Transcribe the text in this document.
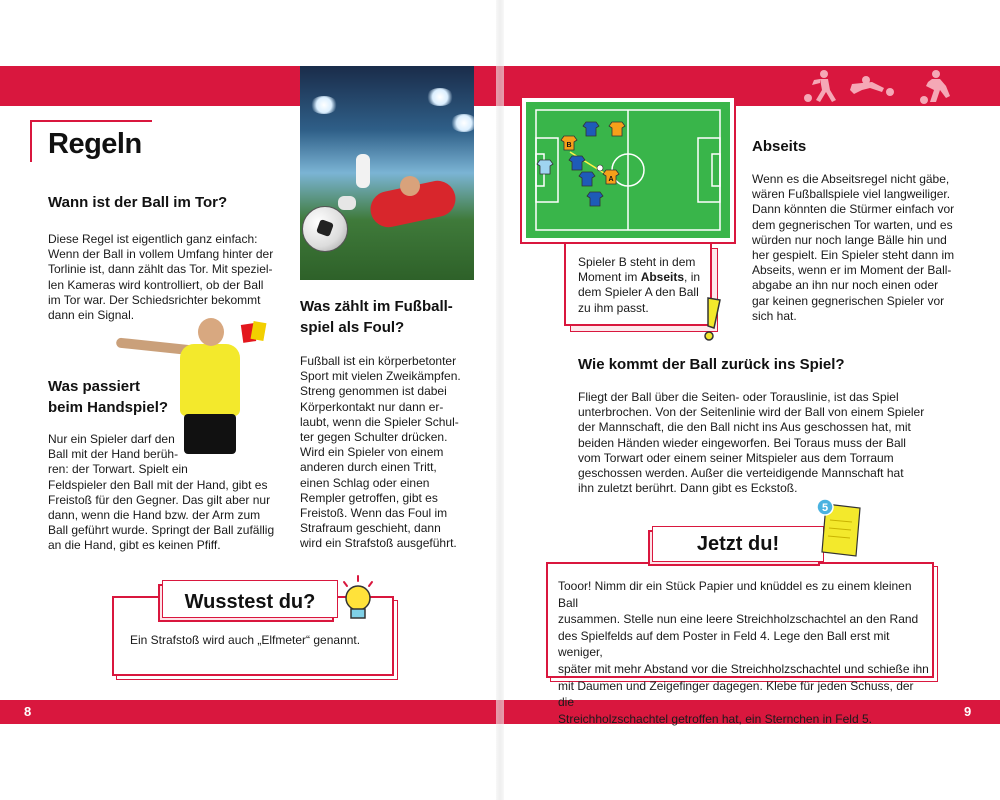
8	9
Regeln
Wann ist der Ball im Tor?
Diese Regel ist eigentlich ganz einfach:
Wenn der Ball in vollem Umfang hinter der
Torlinie ist, dann zählt das Tor. Mit speziel-
len Kameras wird kontrolliert, ob der Ball
im Tor war. Der Schiedsrichter bekommt
dann ein Signal.
Was passiert
beim Handspiel?
Nur ein Spieler darf den
Ball mit der Hand berüh-
ren: der Torwart. Spielt ein
Feldspieler den Ball mit der Hand, gibt es
Freistoß für den Gegner. Das gilt aber nur
dann, wenn die Hand bzw. der Arm zum
Ball geführt wurde. Springt der Ball zufällig
an die Hand, gibt es keinen Pfiff.
Was zählt im Fußball-
spiel als Foul?
Fußball ist ein körperbetonter
Sport mit vielen Zweikämpfen.
Streng genommen ist dabei
Körperkontakt nur dann er-
laubt, wenn die Spieler Schul-
ter gegen Schulter drücken.
Wird ein Spieler von einem
anderen durch einen Tritt,
einen Schlag oder einen
Rempler getroffen, gibt es
Freistoß. Wenn das Foul im
Strafraum geschieht, dann
wird ein Strafstoß ausgeführt.
Wusstest du?
Ein Strafstoß wird auch „Elfmeter“ genannt.
B
A
Spieler B steht in dem
Moment im Abseits, in
dem Spieler A den Ball
zu ihm passt.
Abseits
Wenn es die Abseitsregel nicht gäbe,
wären Fußballspiele viel langweiliger.
Dann könnten die Stürmer einfach vor
dem gegnerischen Tor warten, und es
würden nur noch lange Bälle hin und
her gespielt. Ein Spieler steht dann im
Abseits, wenn er im Moment der Ball-
abgabe an ihn nur noch einen oder
gar keinen gegnerischen Spieler vor
sich hat.
Wie kommt der Ball zurück ins Spiel?
Fliegt der Ball über die Seiten- oder Torauslinie, ist das Spiel
unterbrochen. Von der Seitenlinie wird der Ball von einem Spieler
der Mannschaft, die den Ball nicht ins Aus geschossen hat, mit
beiden Händen wieder eingeworfen. Bei Toraus muss der Ball
vom Torwart oder einem seiner Mitspieler aus dem Torraum
geschossen werden. Außer die verteidigende Mannschaft hat
ihn zuletzt berührt. Dann gibt es Eckstoß.
Jetzt du!
Tooor! Nimm dir ein Stück Papier und knüddel es zu einem kleinen Ball
zusammen. Stelle nun eine leere Streichholzschachtel an den Rand
des Spielfelds auf dem Poster in Feld 4. Lege den Ball erst mit weniger,
später mit mehr Abstand vor die Streichholzschachtel und schieße ihn
mit Daumen und Zeigefinger dagegen. Klebe für jeden Schuss, der die
Streichholzschachtel getroffen hat, ein Sternchen in Feld 5.
5
